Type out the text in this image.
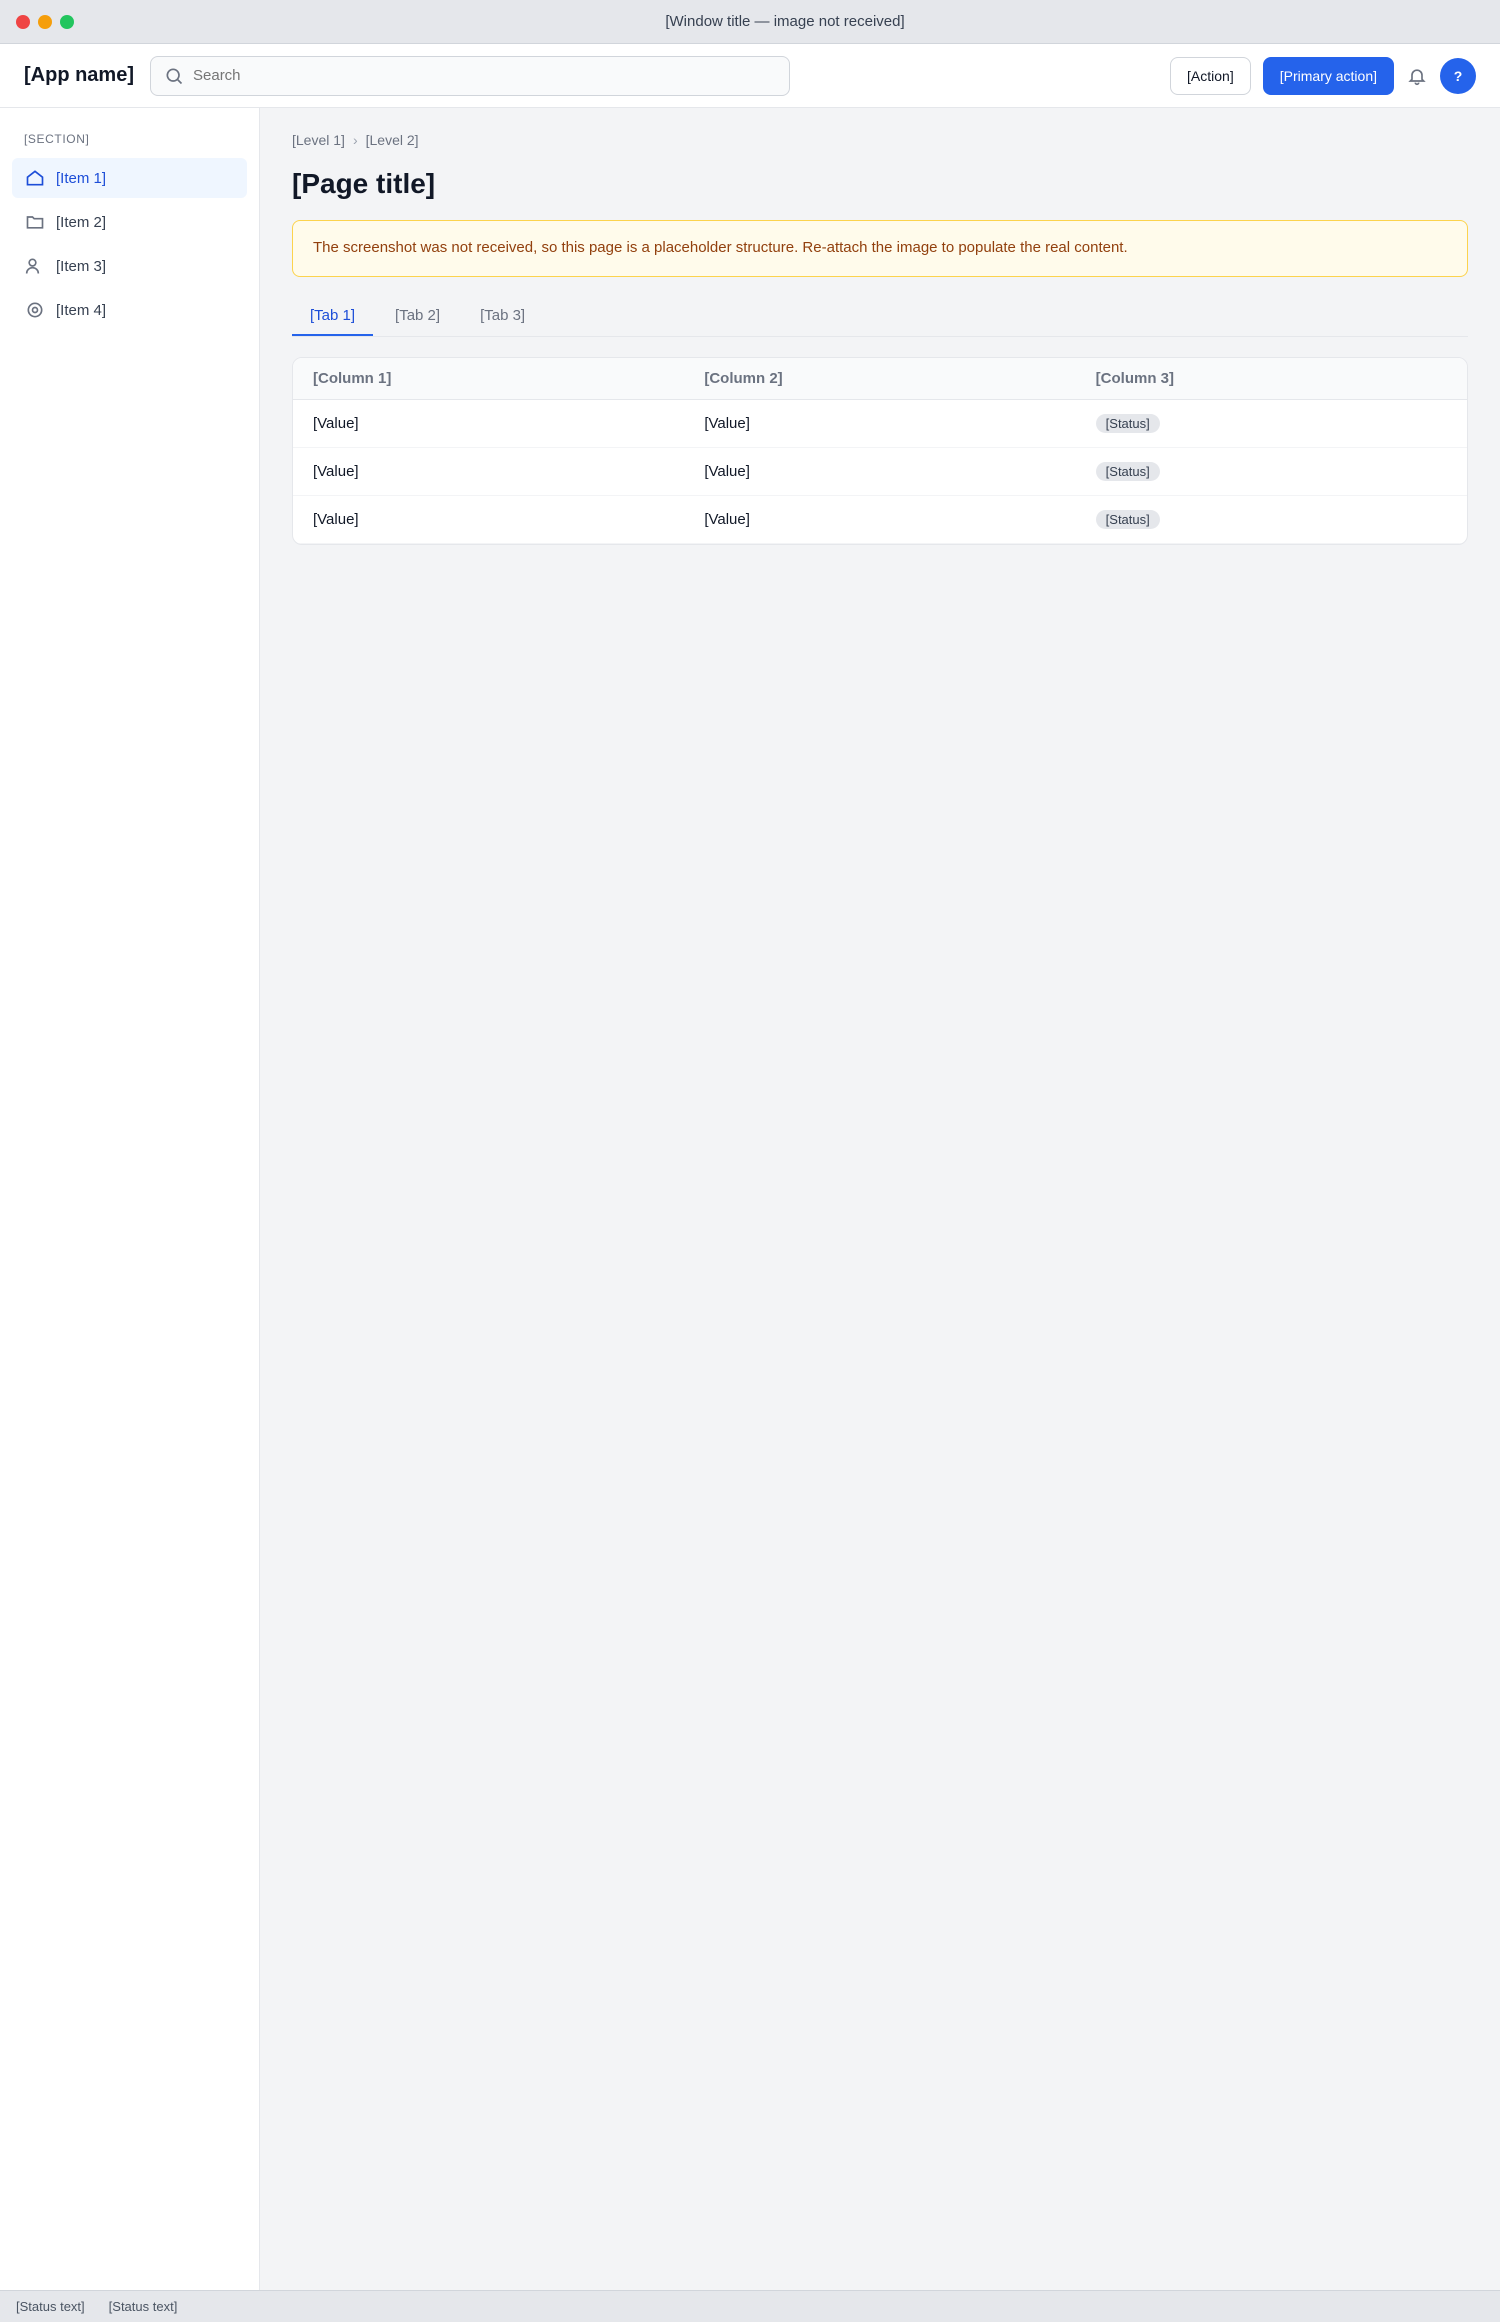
[Window title — image not received]
[App name]
Search	[Action]	[Primary action]	?
[SECTION]
[Item 1]
[Item 2]
[Item 3]
[Item 4]
[Level 1] › [Level 2]
[Page title]
The screenshot was not received, so this page is a placeholder structure. Re-attach the image to populate the real content.
[Tab 1]	[Tab 2]	[Tab 3]
[Column 1]	[Column 2]	[Column 3]
[Value]	[Value]	[Status]
[Value]	[Value]	[Status]
[Value]	[Value]	[Status]
[Status text] [Status text]
